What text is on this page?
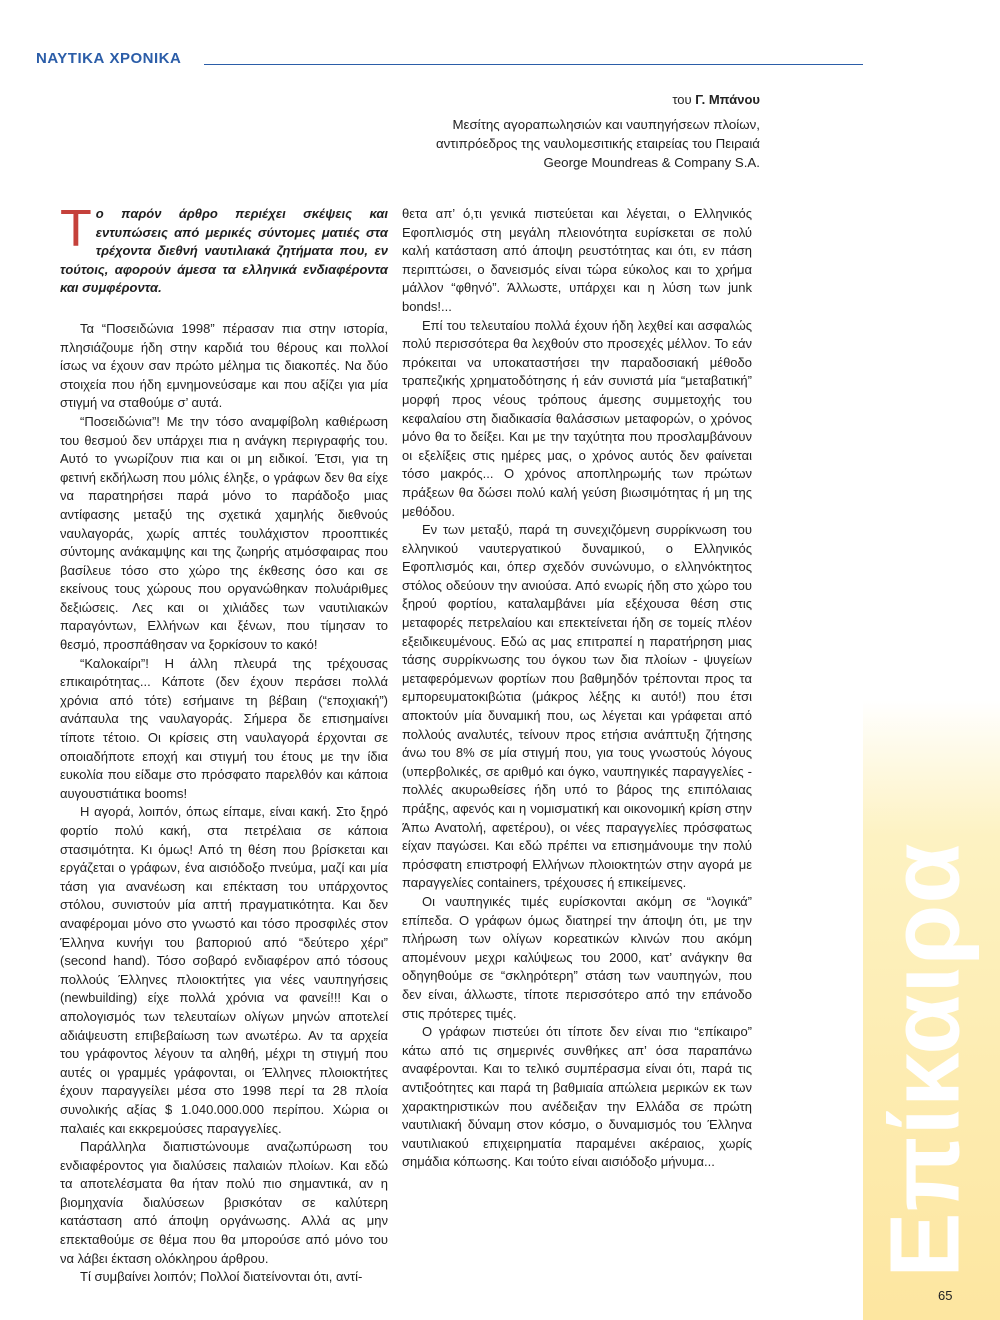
ΝΑΥΤΙΚΑ ΧΡΟΝΙΚΑ
του Γ. Μπάνου
Μεσίτης αγοραπωλησιών και ναυπηγήσεων πλοίων, αντιπρόεδρος της ναυλομεσιτικής εταιρείας του Πειραιά George Moundreas & Company S.A.
Επίκαιρα
65

Το παρόν άρθρο περιέχει σκέψεις και εντυπώσεις από μερικές σύντομες ματιές στα τρέχοντα διεθνή ναυτιλιακά ζητήματα που, εν τούτοις, αφορούν άμεσα τα ελληνικά ενδιαφέροντα και συμφέροντα.

Τα “Ποσειδώνια 1998” πέρασαν πια στην ιστορία, πλησιάζουμε ήδη στην καρδιά του θέρους και πολλοί ίσως να έχουν σαν πρώτο μέλημα τις διακοπές. Να δύο στοιχεία που ήδη εμνημονεύσαμε και που αξίζει για μία στιγμή να σταθούμε σ’ αυτά.

“Ποσειδώνια”! Με την τόσο αναμφίβολη καθιέρωση του θεσμού δεν υπάρχει πια η ανάγκη περιγραφής του. Αυτό το γνωρίζουν πια και οι μη ειδικοί. Έτσι, για τη φετινή εκδήλωση που μόλις έληξε, ο γράφων δεν θα είχε να παρατηρήσει παρά μόνο το παράδοξο μιας αντίφασης μεταξύ της σχετικά χαμηλής διεθνούς ναυλαγοράς, χωρίς απτές τουλάχιστον προοπτικές σύντομης ανάκαμψης και της ζωηρής ατμόσφαιρας που βασίλευε τόσο στο χώρο της έκθεσης όσο και σε εκείνους τους χώρους που οργανώθηκαν πολυάριθμες δεξιώσεις. Λες και οι χιλιάδες των ναυτιλιακών παραγόντων, Ελλήνων και ξένων, που τίμησαν το θεσμό, προσπάθησαν να ξορκίσουν το κακό!

“Καλοκαίρι”! Η άλλη πλευρά της τρέχουσας επικαιρότητας... Κάποτε (δεν έχουν περάσει πολλά χρόνια από τότε) εσήμαινε τη βέβαιη (“εποχιακή”) ανάπαυλα της ναυλαγοράς. Σήμερα δε επισημαίνει τίποτε τέτοιο. Οι κρίσεις στη ναυλαγορά έρχονται σε οποιαδήποτε εποχή και στιγμή του έτους με την ίδια ευκολία που είδαμε στο πρόσφατο παρελθόν και κάποια αυγουστιάτικα booms!

Η αγορά, λοιπόν, όπως είπαμε, είναι κακή. Στο ξηρό φορτίο πολύ κακή, στα πετρέλαια σε κάποια στασιμότητα. Κι όμως! Από τη θέση που βρίσκεται και εργάζεται ο γράφων, ένα αισιόδοξο πνεύμα, μαζί και μία τάση για ανανέωση και επέκταση του υπάρχοντος στόλου, συνιστούν μία απτή πραγματικότητα. Και δεν αναφέρομαι μόνο στο γνωστό και τόσο προσφιλές στον Έλληνα κυνήγι του βαποριού από “δεύτερο χέρι” (second hand). Τόσο σοβαρό ενδιαφέρον από τόσους πολλούς Έλληνες πλοιοκτήτες για νέες ναυπηγήσεις (newbuilding) είχε πολλά χρόνια να φανεί!!! Και ο απολογισμός των τελευταίων ολίγων μηνών αποτελεί αδιάψευστη επιβεβαίωση των ανωτέρω. Αν τα αρχεία του γράφοντος λέγουν τα αληθή, μέχρι τη στιγμή που αυτές οι γραμμές γράφονται, οι Έλληνες πλοιοκτήτες έχουν παραγγείλει μέσα στο 1998 περί τα 28 πλοία συνολικής αξίας $ 1.040.000.000 περίπου. Χώρια οι παλαιές και εκκρεμούσες παραγγελίες.

Παράλληλα διαπιστώνουμε αναζωπύρωση του ενδιαφέροντος για διαλύσεις παλαιών πλοίων. Και εδώ τα αποτελέσματα θα ήταν πολύ πιο σημαντικά, αν η βιομηχανία διαλύσεων βρισκόταν σε καλύτερη κατάσταση από άποψη οργάνωσης. Αλλά ας μην επεκταθούμε σε θέμα που θα μπορούσε από μόνο του να λάβει έκταση ολόκληρου άρθρου.

Τί συμβαίνει λοιπόν; Πολλοί διατείνονται ότι, αντί-

θετα απ’ ό,τι γενικά πιστεύεται και λέγεται, ο Ελληνικός Εφοπλισμός στη μεγάλη πλειονότητα ευρίσκεται σε πολύ καλή κατάσταση από άποψη ρευστότητας και ότι, εν πάση περιπτώσει, ο δανεισμός είναι τώρα εύκολος και το χρήμα μάλλον “φθηνό”. Άλλωστε, υπάρχει και η λύση των junk bonds!...

Επί του τελευταίου πολλά έχουν ήδη λεχθεί και ασφαλώς πολύ περισσότερα θα λεχθούν στο προσεχές μέλλον. Το εάν πρόκειται να υποκαταστήσει την παραδοσιακή μέθοδο τραπεζικής χρηματοδότησης ή εάν συνιστά μία “μεταβατική” μορφή προς νέους τρόπους άμεσης συμμετοχής του κεφαλαίου στη διαδικασία θαλάσσιων μεταφορών, ο χρόνος μόνο θα το δείξει. Και με την ταχύτητα που προσλαμβάνουν οι εξελίξεις στις ημέρες μας, ο χρόνος αυτός δεν φαίνεται τόσο μακρός... Ο χρόνος αποπληρωμής των πρώτων πράξεων θα δώσει πολύ καλή γεύση βιωσιμότητας ή μη της μεθόδου.

Εν των μεταξύ, παρά τη συνεχιζόμενη συρρίκνωση του ελληνικού ναυτεργατικού δυναμικού, ο Ελληνικός Εφοπλισμός και, όπερ σχεδόν συνώνυμο, ο ελληνόκτητος στόλος οδεύουν την ανιούσα. Από ενωρίς ήδη στο χώρο του ξηρού φορτίου, καταλαμβάνει μία εξέχουσα θέση στις μεταφορές πετρελαίου και επεκτείνεται ήδη σε τομείς πλέον εξειδικευμένους. Εδώ ας μας επιτραπεί η παρατήρηση μιας τάσης συρρίκνωσης του όγκου των δια πλοίων - ψυγείων μεταφερόμενων φορτίων που βαθμηδόν τρέπονται προς τα εμπορευματοκιβώτια (μάκρος λέξης κι αυτό!) που έτσι αποκτούν μία δυναμική που, ως λέγεται και γράφεται από πολλούς αναλυτές, τείνουν προς ετήσια ανάπτυξη ζήτησης άνω του 8% σε μία στιγμή που, για τους γνωστούς λόγους (υπερβολικές, σε αριθμό και όγκο, ναυπηγικές παραγγελίες - πολλές ακυρωθείσες ήδη υπό το βάρος της επιπόλαιας πράξης, αφενός και η νομισματική και οικονομική κρίση στην Άπω Ανατολή, αφετέρου), οι νέες παραγγελίες πρόσφατως είχαν παγώσει. Και εδώ πρέπει να επισημάνουμε την πολύ πρόσφατη επιστροφή Ελλήνων πλοιοκτητών στην αγορά με παραγγελίες containers, τρέχουσες ή επικείμενες.

Οι ναυπηγικές τιμές ευρίσκονται ακόμη σε “λογικά” επίπεδα. Ο γράφων όμως διατηρεί την άποψη ότι, με την πλήρωση των ολίγων κορεατικών κλινών που ακόμη απομένουν μεχρι καλύψεως του 2000, κατ’ ανάγκην θα οδηγηθούμε σε “σκληρότερη” στάση των ναυπηγών, που δεν είναι, άλλωστε, τίποτε περισσότερο από την επάνοδο στις πρότερες τιμές.

Ο γράφων πιστεύει ότι τίποτε δεν είναι πιο “επίκαιρο” κάτω από τις σημερινές συνθήκες απ’ όσα παραπάνω αναφέρονται. Και το τελικό συμπέρασμα είναι ότι, παρά τις αντιξοότητες και παρά τη βαθμιαία απώλεια μερικών εκ των χαρακτηριστικών που ανέδειξαν την Ελλάδα σε πρώτη ναυτιλιακή δύναμη στον κόσμο, ο δυναμισμός του Έλληνα ναυτιλιακού επιχειρηματία παραμένει ακέραιος, χωρίς σημάδια κόπωσης. Και τούτο είναι αισιόδοξο μήνυμα...
